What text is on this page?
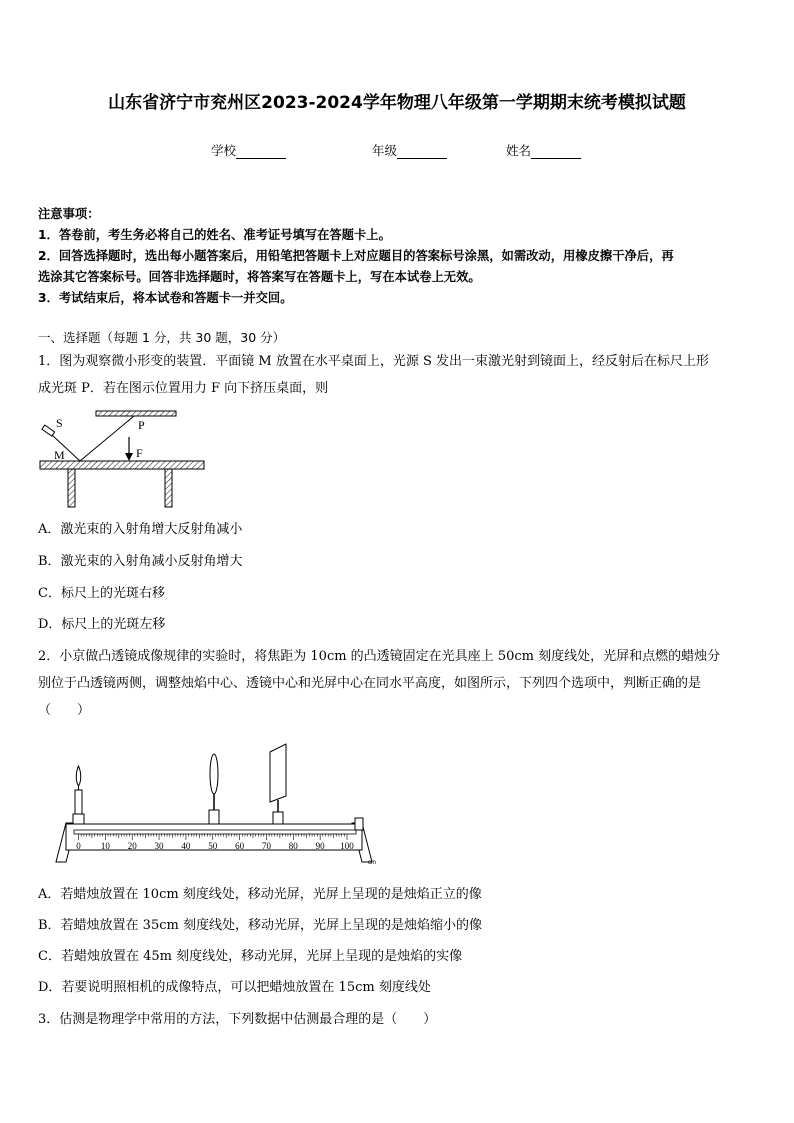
山东省济宁市兖州区2023-2024学年物理八年级第一学期期末统考模拟试题
学校	年级	姓名
注意事项：
1．答卷前，考生务必将自己的姓名、准考证号填写在答题卡上。
2．回答选择题时，选出每小题答案后，用铅笔把答题卡上对应题目的答案标号涂黑，如需改动，用橡皮擦干净后，再
选涂其它答案标号。回答非选择题时，将答案写在答题卡上，写在本试卷上无效。
3．考试结束后，将本试卷和答题卡一并交回。
一、选择题（每题 1 分，共 30 题，30 分）
1．图为观察微小形变的装置．平面镜 M 放置在水平桌面上，光源 S 发出一束激光射到镜面上，经反射后在标尺上形
成光斑 P．若在图示位置用力 F 向下挤压桌面，则
S	P
M	F
A．激光束的入射角增大反射角减小
B．激光束的入射角减小反射角增大
C．标尺上的光斑右移
D．标尺上的光斑左移
2．小京做凸透镜成像规律的实验时，将焦距为 10cm 的凸透镜固定在光具座上 50cm 刻度线处，光屏和点燃的蜡烛分
别位于凸透镜两侧，调整烛焰中心、透镜中心和光屏中心在同水平高度，如图所示，下列四个选项中，判断正确的是
（　　）
0 10 20 30 40 50 60 70 80 90 100
cm
A．若蜡烛放置在 10cm 刻度线处，移动光屏，光屏上呈现的是烛焰正立的像
B．若蜡烛放置在 35cm 刻度线处，移动光屏，光屏上呈现的是烛焰缩小的像
C．若蜡烛放置在 45m 刻度线处，移动光屏，光屏上呈现的是烛焰的实像
D．若要说明照相机的成像特点，可以把蜡烛放置在 15cm 刻度线处
3．估测是物理学中常用的方法，下列数据中估测最合理的是（　　）
